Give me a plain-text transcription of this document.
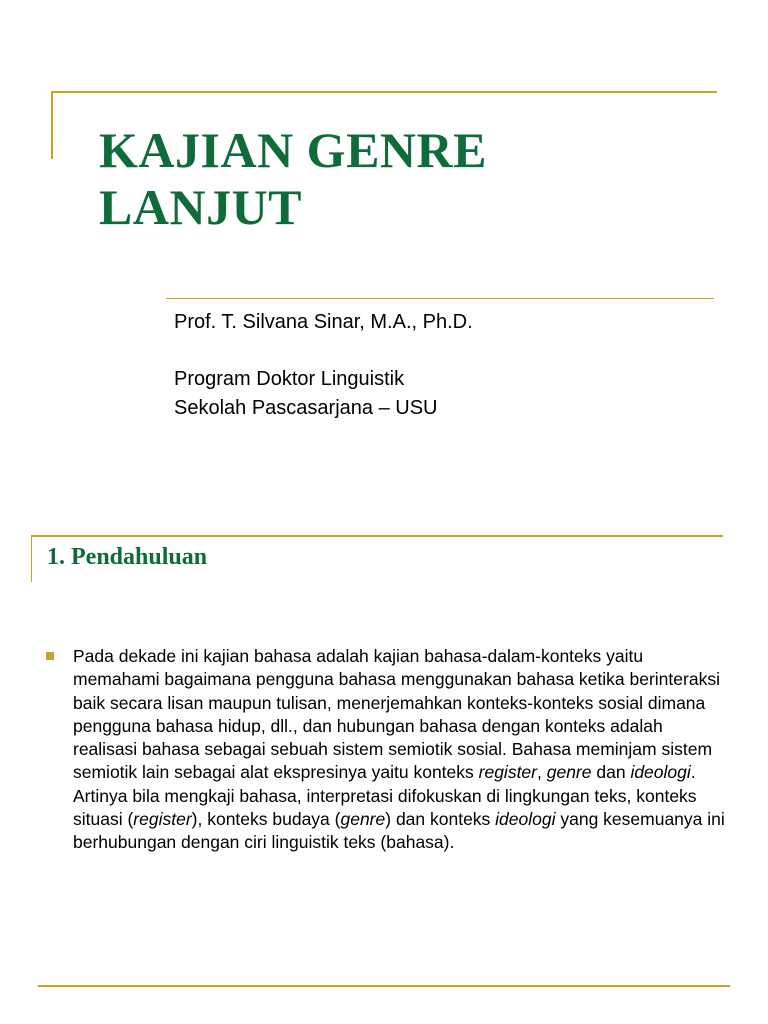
KAJIAN GENRE
LANJUT
Prof. T. Silvana Sinar, M.A., Ph.D.
Program Doktor Linguistik
Sekolah Pascasarjana – USU
1. Pendahuluan

Pada dekade ini kajian bahasa adalah kajian bahasa-dalam-konteks yaitu memahami bagaimana pengguna bahasa menggunakan bahasa ketika berinteraksi baik secara lisan maupun tulisan, menerjemahkan konteks-konteks sosial dimana pengguna bahasa hidup, dll., dan hubungan bahasa dengan konteks adalah realisasi bahasa sebagai sebuah sistem semiotik sosial. Bahasa meminjam sistem semiotik lain sebagai alat ekspresinya yaitu konteks register, genre dan ideologi. Artinya bila mengkaji bahasa, interpretasi difokuskan di lingkungan teks, konteks situasi (register), konteks budaya (genre) dan konteks ideologi yang kesemuanya ini berhubungan dengan ciri linguistik teks (bahasa).
